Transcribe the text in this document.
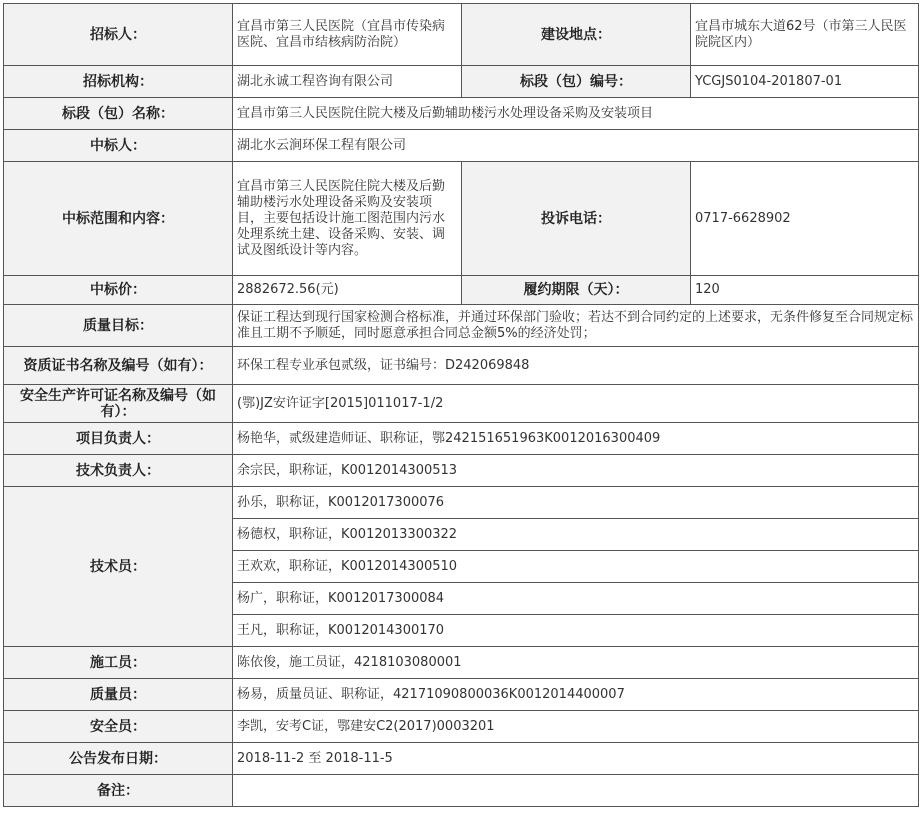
招标人：	宜昌市第三人民医院（宜昌市传染病医院、宜昌市结核病防治院）	建设地点：	宜昌市城东大道62号（市第三人民医院院区内）
招标机构：	湖北永诚工程咨询有限公司	标段（包）编号：	YCGJS0104-201807-01
标段（包）名称：	宜昌市第三人民医院住院大楼及后勤辅助楼污水处理设备采购及安装项目		
中标人：	湖北水云涧环保工程有限公司		
中标范围和内容：	宜昌市第三人民医院住院大楼及后勤辅助楼污水处理设备采购及安装项目，主要包括设计施工图范围内污水处理系统土建、设备采购、安装、调试及图纸设计等内容。	投诉电话：	0717-6628902
中标价：	2882672.56(元)	履约期限（天）：	120
质量目标：	保证工程达到现行国家检测合格标准，并通过环保部门验收；若达不到合同约定的上述要求，无条件修复至合同规定标准且工期不予顺延，同时愿意承担合同总金额5%的经济处罚；		
资质证书名称及编号（如有）：	环保工程专业承包贰级，证书编号：D242069848		
安全生产许可证名称及编号（如有）：	(鄂)JZ安许证字[2015]011017-1/2		
项目负责人：	杨艳华，贰级建造师证、职称证，鄂242151651963K0012016300409		
技术负责人：	余宗民，职称证，K0012014300513		
技术员：	孙乐，职称证，K0012017300076		
	杨德权，职称证，K0012013300322		
	王欢欢，职称证，K0012014300510		
	杨广，职称证，K0012017300084		
	王凡，职称证，K0012014300170		
施工员：	陈依俊，施工员证，4218103080001		
质量员：	杨易，质量员证、职称证，42171090800036K0012014400007		
安全员：	李凯，安考C证，鄂建安C2(2017)0003201		
公告发布日期：	2018-11-2 至 2018-11-5		
备注：			
